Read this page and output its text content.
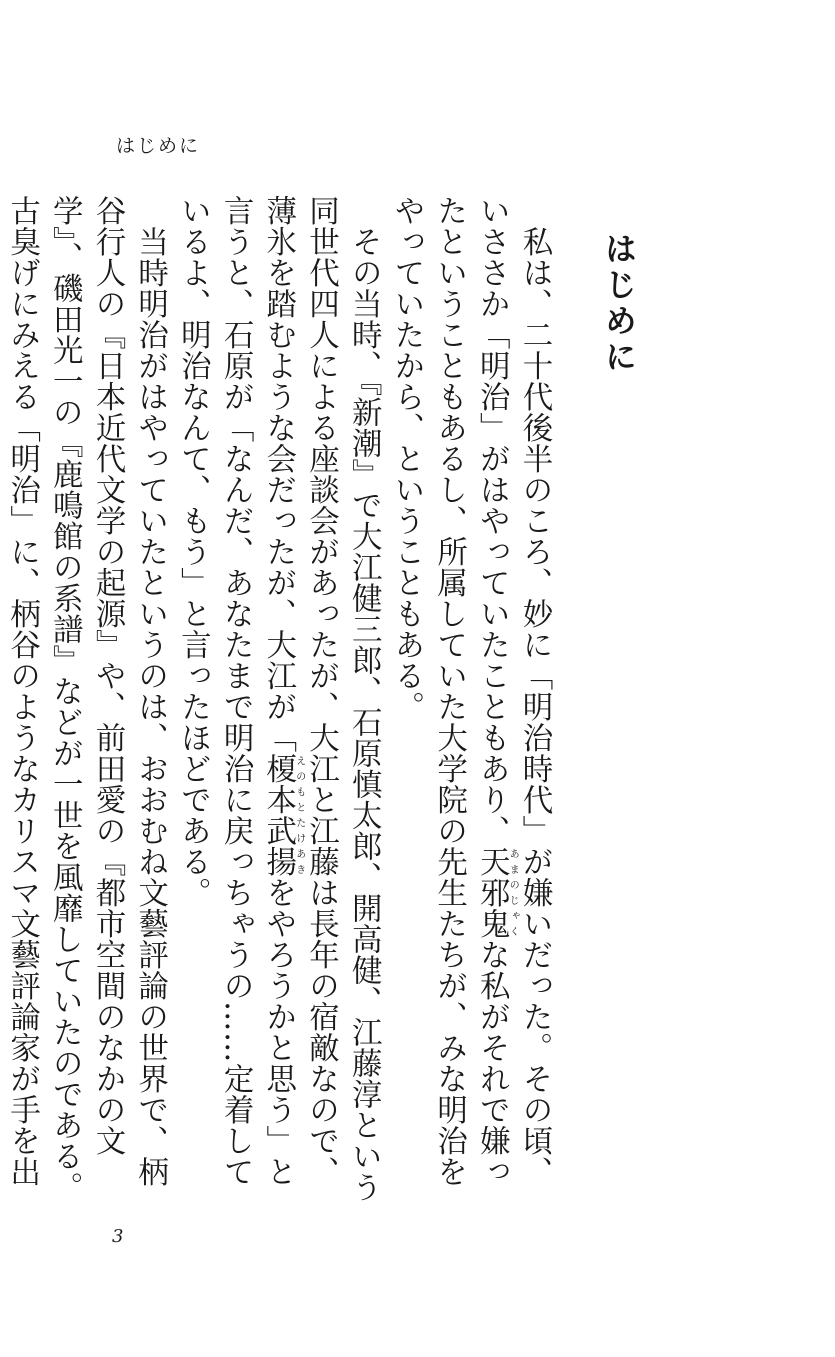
はじめに
はじめに

私は、二十代後半のころ、妙に「明治時代」が嫌いだった。その頃、いささか「明治」がはやっていたこともあり、天邪鬼あまのじゃくな私がそれで嫌ったということもあるし、所属していた大学院の先生たちが、みな明治をやっていたから、ということもある。

その当時、『新潮』で大江健三郎、石原慎太郎、開高健、江藤淳という同世代四人による座談会があったが、大江と江藤は長年の宿敵なので、薄氷を踏むような会だったが、大江が「榎本武揚えのもとたけあきをやろうかと思う」と言うと、石原が「なんだ、あなたまで明治に戻っちゃうの……定着しているよ、明治なんて、もう」と言ったほどである。

当時明治がはやっていたというのは、おおむね文藝評論の世界で、柄谷行人の『日本近代文学の起源』や、前田愛の『都市空間のなかの文学』、磯田光一の『鹿鳴館の系譜』などが一世を風靡していたのである。古臭げにみえる「明治」に、柄谷のようなカリスマ文藝評論家が手を出

3
